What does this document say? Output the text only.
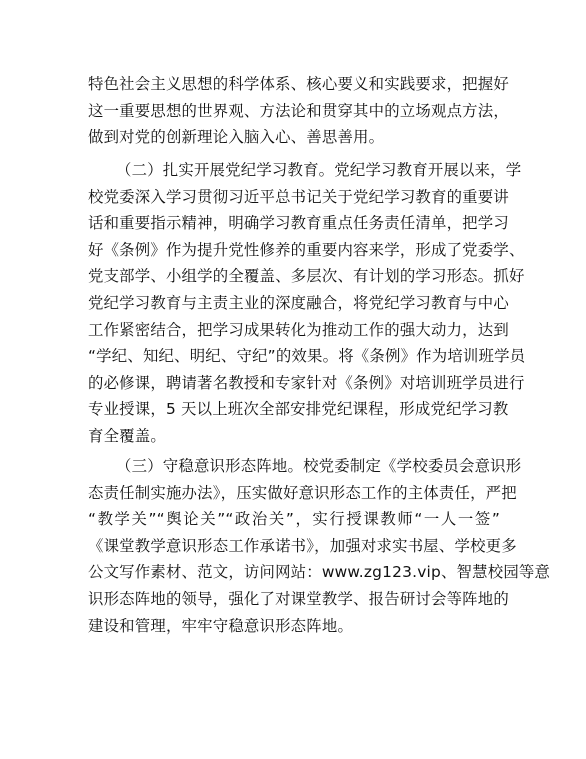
特色社会主义思想的科学体系、核心要义和实践要求，把握好
这一重要思想的世界观、方法论和贯穿其中的立场观点方法，
做到对党的创新理论入脑入心、善思善用。
（二）扎实开展党纪学习教育。党纪学习教育开展以来，学
校党委深入学习贯彻习近平总书记关于党纪学习教育的重要讲
话和重要指示精神，明确学习教育重点任务责任清单，把学习
好《条例》作为提升党性修养的重要内容来学，形成了党委学、
党支部学、小组学的全覆盖、多层次、有计划的学习形态。抓好
党纪学习教育与主责主业的深度融合，将党纪学习教育与中心
工作紧密结合，把学习成果转化为推动工作的强大动力，达到
“学纪、知纪、明纪、守纪”的效果。将《条例》作为培训班学员
的必修课，聘请著名教授和专家针对《条例》对培训班学员进行
专业授课，5 天以上班次全部安排党纪课程，形成党纪学习教
育全覆盖。
（三）守稳意识形态阵地。校党委制定《学校委员会意识形
态责任制实施办法》，压实做好意识形态工作的主体责任，严把
“教学关”“舆论关”“政治关”，实行授课教师“一人一签”
《课堂教学意识形态工作承诺书》，加强对求实书屋、学校更多
公文写作素材、范文，访问网站：www.zg123.vip、智慧校园等意
识形态阵地的领导，强化了对课堂教学、报告研讨会等阵地的
建设和管理，牢牢守稳意识形态阵地。
